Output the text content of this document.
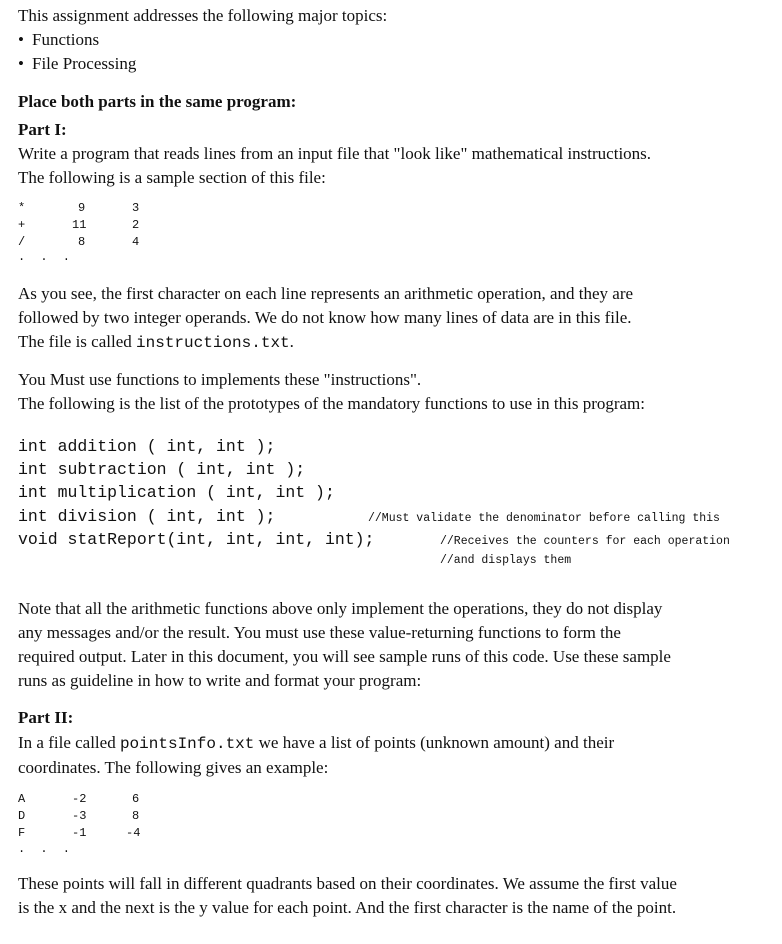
This assignment addresses the following major topics:
• Functions
• File Processing
Place both parts in the same program:
Part I:
Write a program that reads lines from an input file that "look like" mathematical instructions.
The following is a sample section of this file:
*	9	3
+	11	2
/	8	4
. . .
As you see, the first character on each line represents an arithmetic operation, and they are
followed by two integer operands. We do not know how many lines of data are in this file.
The file is called instructions.txt.
You Must use functions to implements these "instructions".
The following is the list of the prototypes of the mandatory functions to use in this program:
int addition ( int, int );
int subtraction ( int, int );
int multiplication ( int, int );
int division ( int, int );
void statReport(int, int, int, int);
//Must validate the denominator before calling this
//Receives the counters for each operation
//and displays them
Note that all the arithmetic functions above only implement the operations, they do not display
any messages and/or the result. You must use these value-returning functions to form the
required output. Later in this document, you will see sample runs of this code. Use these sample
runs as guideline in how to write and format your program:
Part II:
In a file called pointsInfo.txt we have a list of points (unknown amount) and their
coordinates. The following gives an example:
A	-2	6
D	-3	8
F	-1	-4
. . .
These points will fall in different quadrants based on their coordinates. We assume the first value
is the x and the next is the y value for each point. And the first character is the name of the point.
